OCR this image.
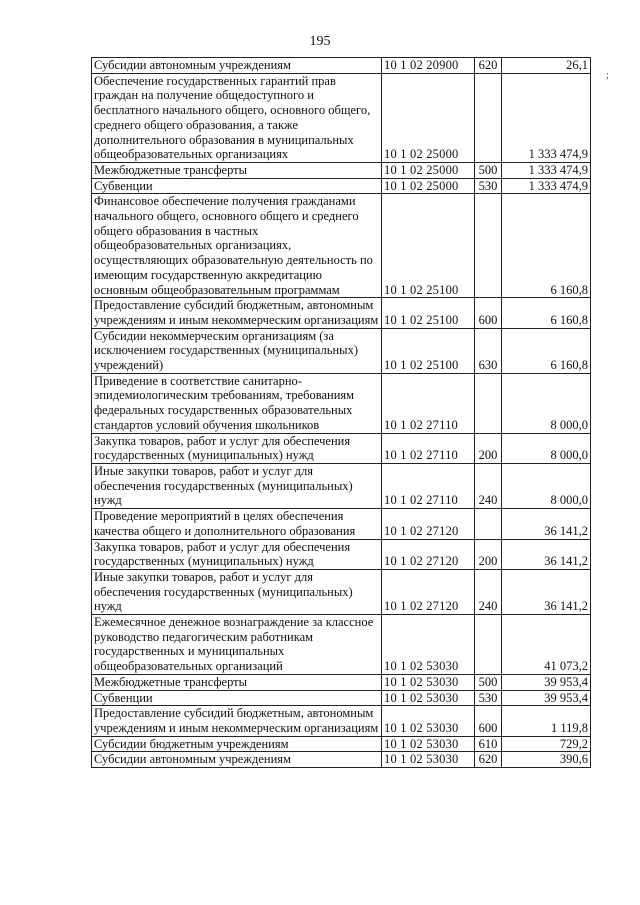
195
;
Субсидии автономным учреждениям	10 1 02 20900	620	26,1
Обеспечение государственных гарантий прав граждан на получение общедоступного и бесплатного начального общего, основного общего, среднего общего образования, а также дополнительного образования в муниципальных общеобразовательных организациях	10 1 02 25000		1 333 474,9
Межбюджетные трансферты	10 1 02 25000	500	1 333 474,9
Субвенции	10 1 02 25000	530	1 333 474,9
Финансовое обеспечение получения гражданами начального общего, основного общего и среднего общего образования в частных общеобразовательных организациях, осуществляющих образовательную деятельность по имеющим государственную аккредитацию основным общеобразовательным программам	10 1 02 25100		6 160,8
Предоставление субсидий бюджетным, автономным учреждениям и иным некоммерческим организациям	10 1 02 25100	600	6 160,8
Субсидии некоммерческим организациям (за исключением государственных (муниципальных) учреждений)	10 1 02 25100	630	6 160,8
Приведение в соответствие санитарно-эпидемиологическим требованиям, требованиям федеральных государственных образовательных стандартов условий обучения школьников	10 1 02 27110		8 000,0
Закупка товаров, работ и услуг для обеспечения государственных (муниципальных) нужд	10 1 02 27110	200	8 000,0
Иные закупки товаров, работ и услуг для обеспечения государственных (муниципальных) нужд	10 1 02 27110	240	8 000,0
Проведение мероприятий в целях обеспечения качества общего и дополнительного образования	10 1 02 27120		36 141,2
Закупка товаров, работ и услуг для обеспечения государственных (муниципальных) нужд	10 1 02 27120	200	36 141,2
Иные закупки товаров, работ и услуг для обеспечения государственных (муниципальных) нужд	10 1 02 27120	240	36 141,2
Ежемесячное денежное вознаграждение за классное руководство педагогическим работникам государственных и муниципальных общеобразовательных организаций	10 1 02 53030		41 073,2
Межбюджетные трансферты	10 1 02 53030	500	39 953,4
Субвенции	10 1 02 53030	530	39 953,4
Предоставление субсидий бюджетным, автономным учреждениям и иным некоммерческим организациям	10 1 02 53030	600	1 119,8
Субсидии бюджетным учреждениям	10 1 02 53030	610	729,2
Субсидии автономным учреждениям	10 1 02 53030	620	390,6
